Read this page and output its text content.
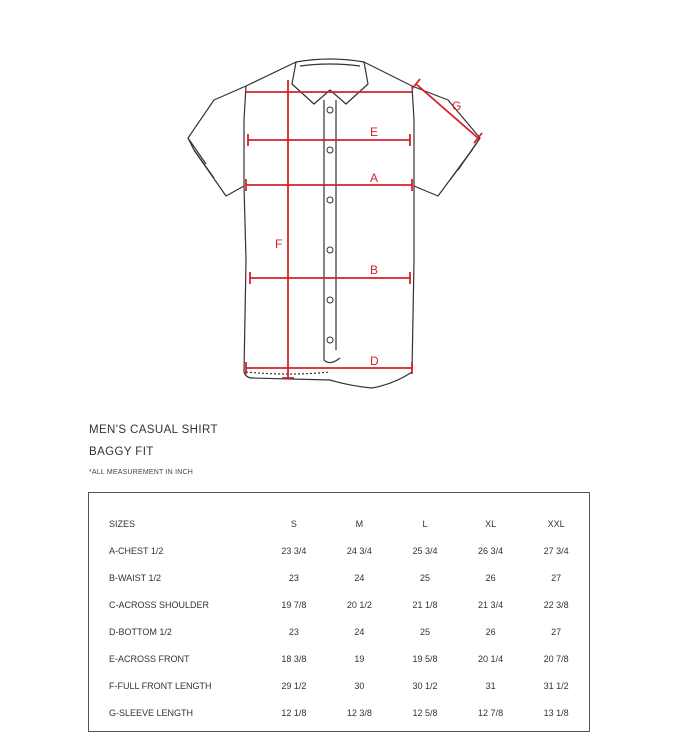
E
A
F
B
D
G
MEN'S CASUAL SHIRT
BAGGY FIT
*ALL MEASUREMENT IN INCH
SIZES	S	M	L	XL	XXL
A-CHEST 1/2	23 3/4	24 3/4	25 3/4	26 3/4	27 3/4
B-WAIST 1/2	23	24	25	26	27
C-ACROSS SHOULDER	19 7/8	20 1/2	21 1/8	21 3/4	22 3/8
D-BOTTOM 1/2	23	24	25	26	27
E-ACROSS FRONT	18 3/8	19	19 5/8	20 1/4	20 7/8
F-FULL FRONT LENGTH	29 1/2	30	30 1/2	31	31 1/2
G-SLEEVE LENGTH	12 1/8	12 3/8	12 5/8	12 7/8	13 1/8
